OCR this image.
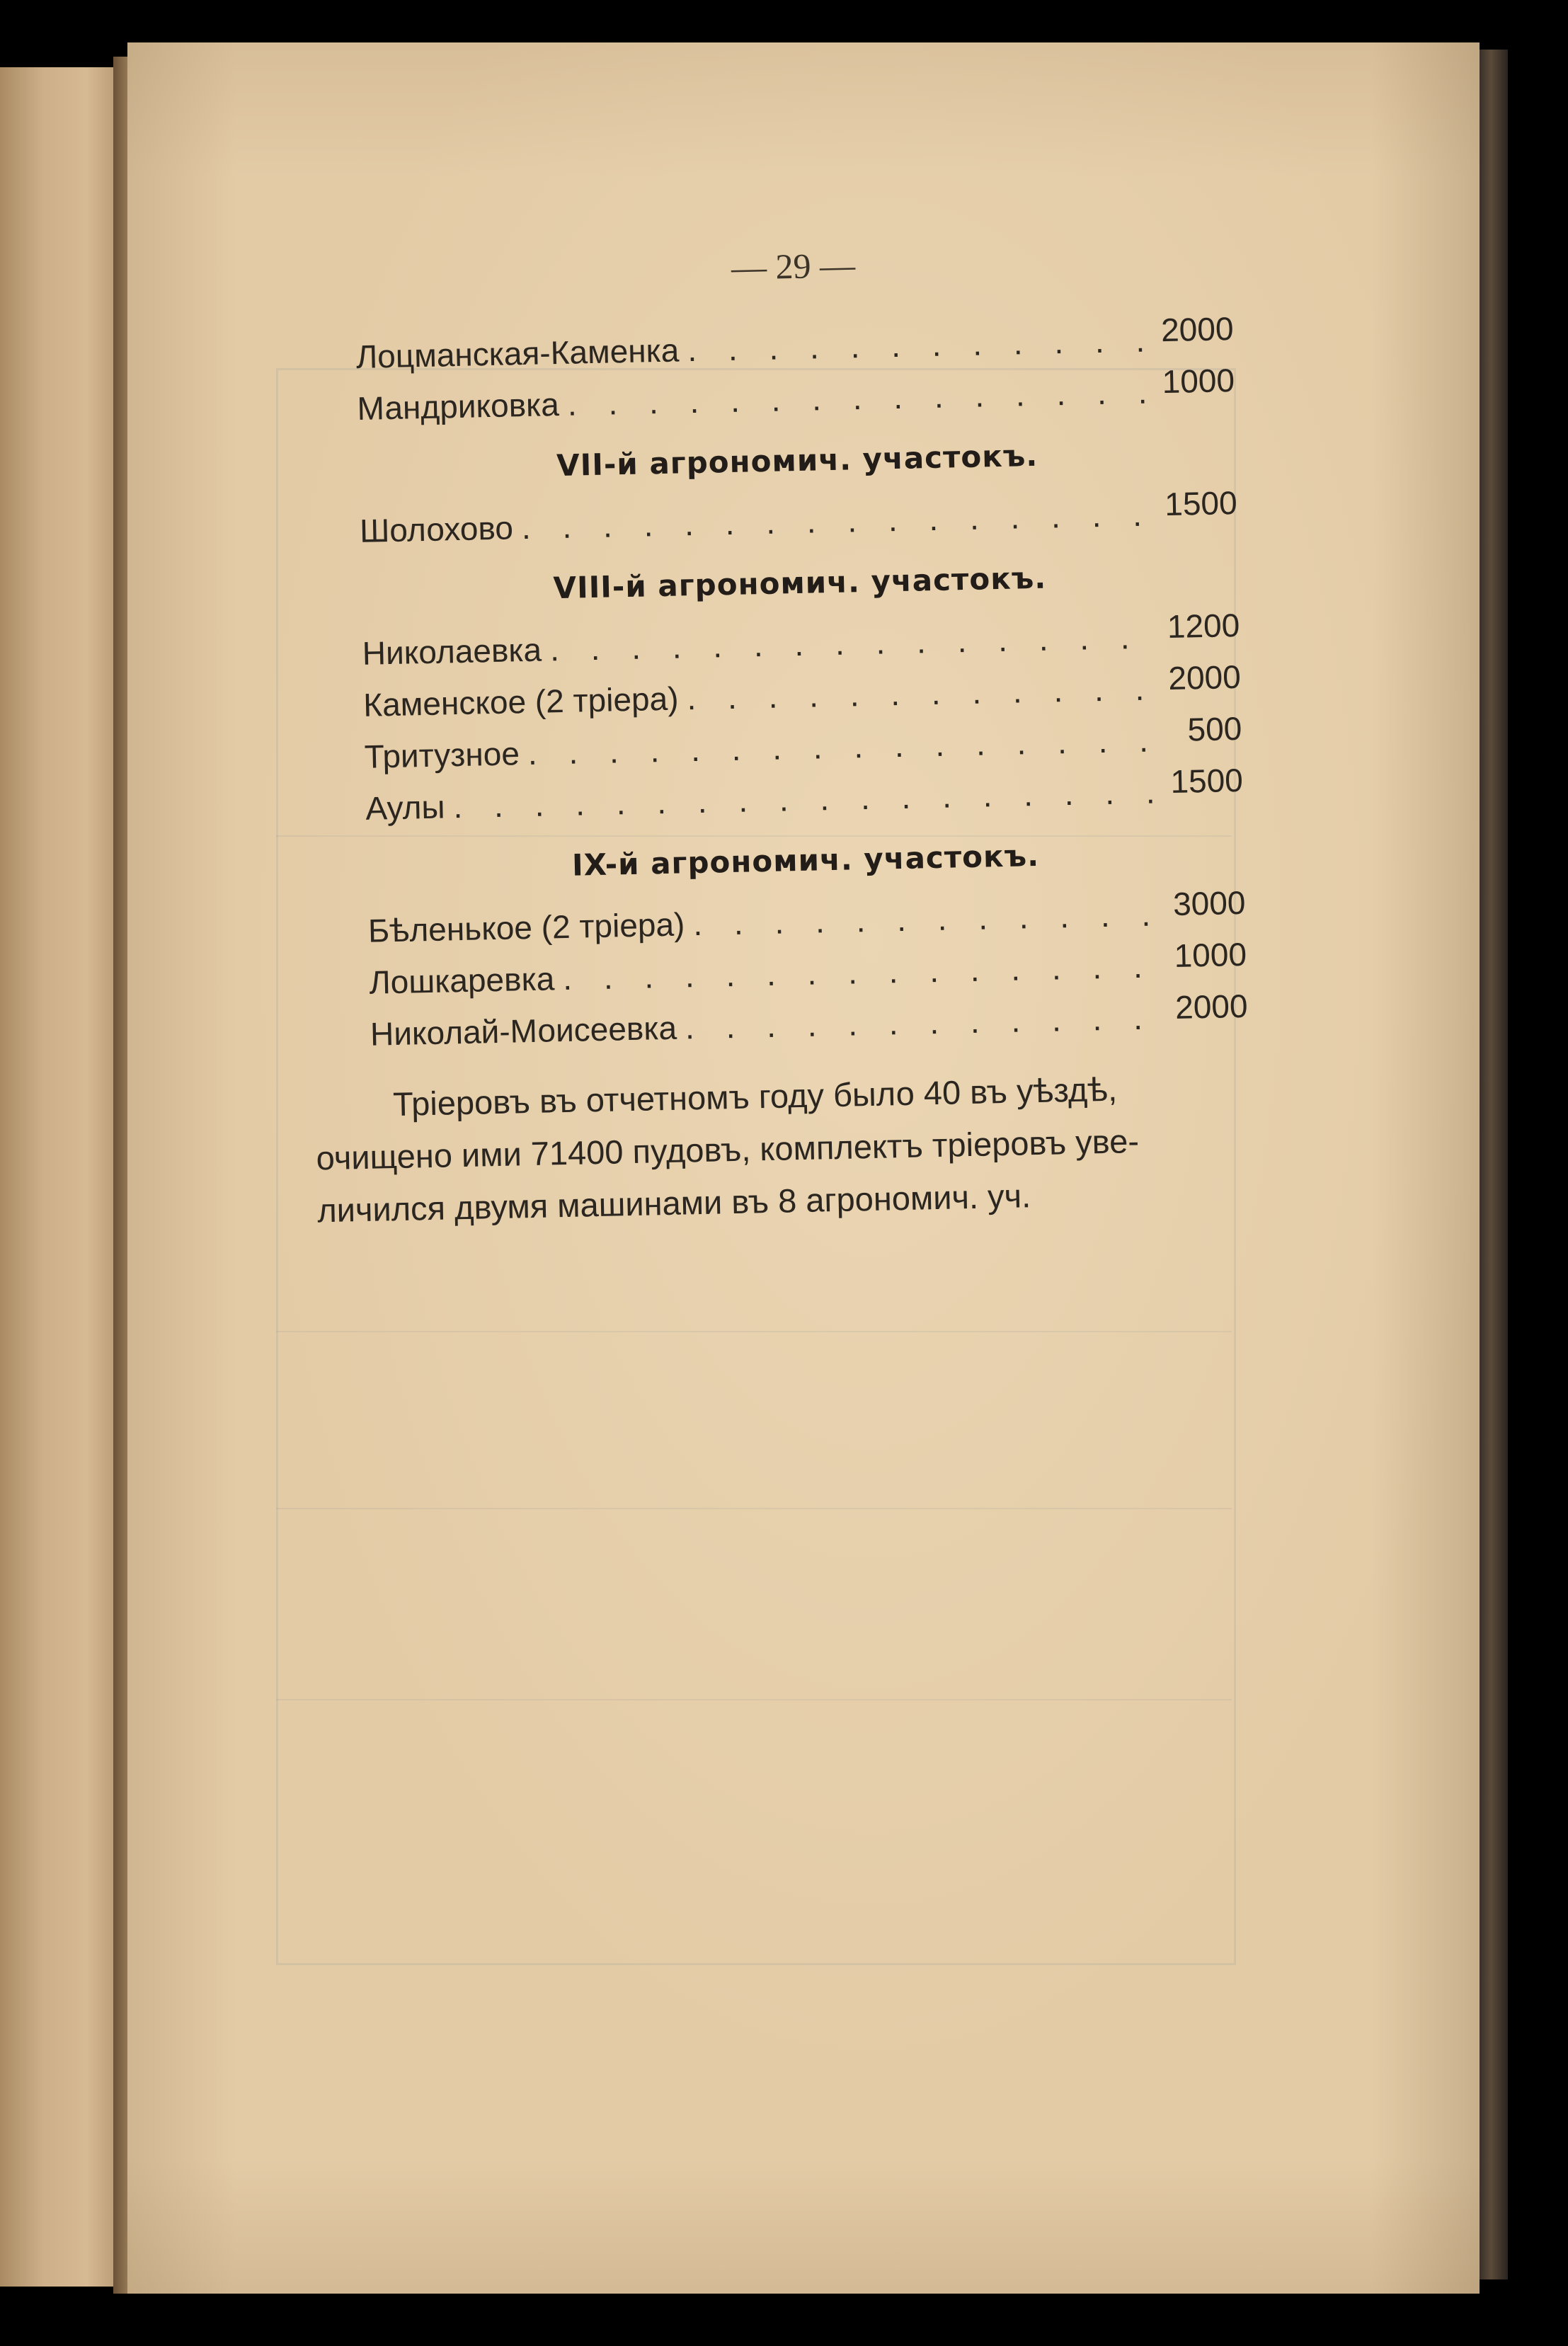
— 29 —
Лоцманская-Каменка
. . .
2000
Мандриковка
. . .
1000
VII-й агрономич. участокъ.
Шолохово
. . .
1500
VIII-й агрономич. участокъ.
Николаевка
. . .
1200
Каменское (2 тріера)
. . .
2000
Тритузное
. . .
500
Аулы
. . .
1500
IX-й агрономич. участокъ.
Бѣленькое (2 тріера)
. . .
3000
Лошкаревка
. . .
1000
Николай-Моисеевка
. . .
2000
Тріеровъ въ отчетномъ году было 40 въ уѣздѣ,
очищено ими 71400 пудовъ, комплектъ тріеровъ уве-
личился двумя машинами въ 8 агрономич. уч.
